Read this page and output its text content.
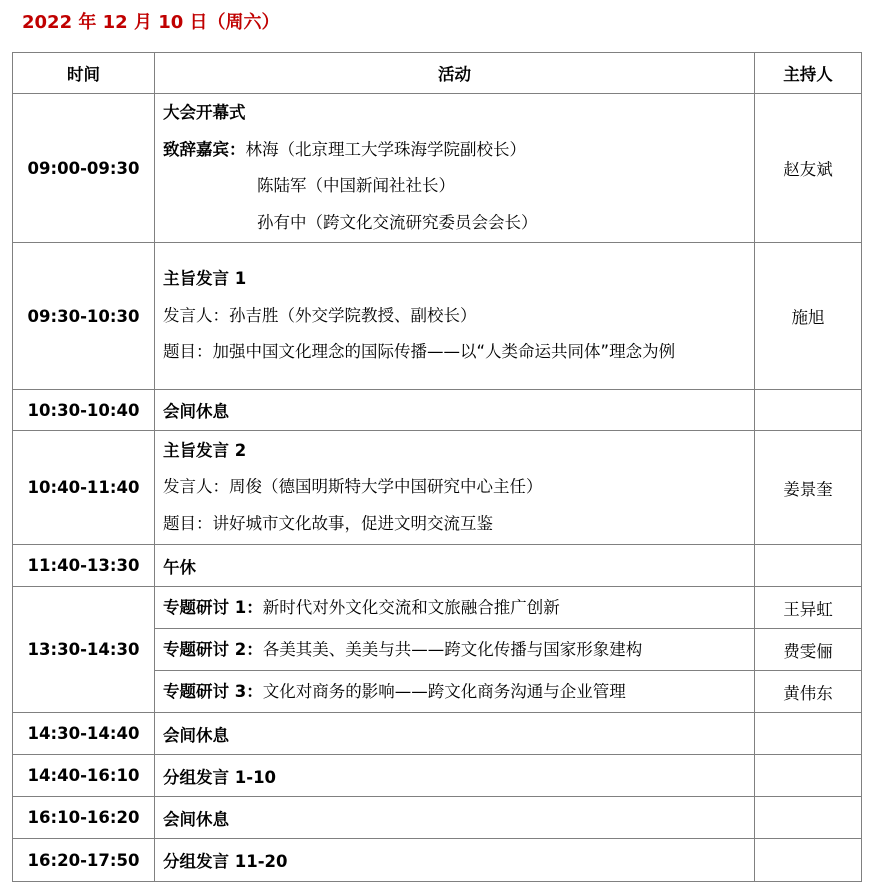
2022 年 12 月 10 日（周六）
时间	活动	主持人
09:00-09:30	大会开幕式
致辞嘉宾：林海（北京理工大学珠海学院副校长）
陈陆军（中国新闻社社长）
孙有中（跨文化交流研究委员会会长）	赵友斌
09:30-10:30	主旨发言 1
发言人：孙吉胜（外交学院教授、副校长）
题目：加强中国文化理念的国际传播——以“人类命运共同体”理念为例	施旭
10:30-10:40	会间休息	
10:40-11:40	主旨发言 2
发言人：周俊（德国明斯特大学中国研究中心主任）
题目：讲好城市文化故事，促进文明交流互鉴	姜景奎
11:40-13:30	午休	
13:30-14:30	专题研讨 1：新时代对外文化交流和文旅融合推广创新	王异虹
	专题研讨 2：各美其美、美美与共——跨文化传播与国家形象建构	费雯俪
	专题研讨 3：文化对商务的影响——跨文化商务沟通与企业管理	黄伟东
14:30-14:40	会间休息	
14:40-16:10	分组发言 1-10	
16:10-16:20	会间休息	
16:20-17:50	分组发言 11-20	
